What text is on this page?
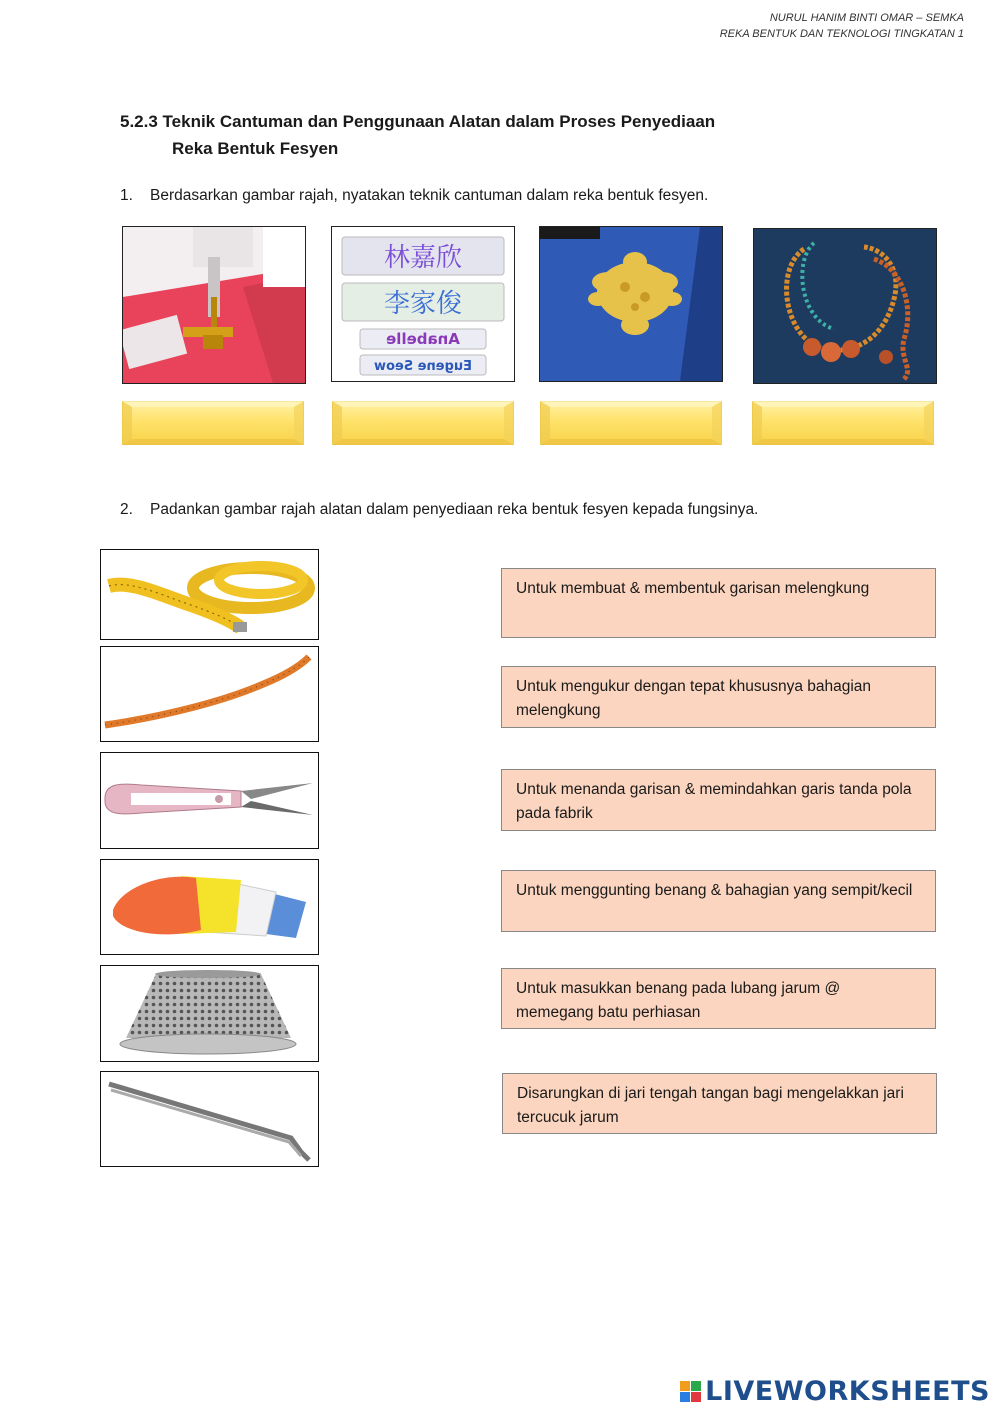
NURUL HANIM BINTI OMAR – SEMKA
REKA BENTUK DAN TEKNOLOGI TINGKATAN 1
5.2.3 Teknik Cantuman dan Penggunaan Alatan dalam Proses Penyediaan
Reka Bentuk Fesyen
1. Berdasarkan gambar rajah, nyatakan teknik cantuman dalam reka bentuk fesyen.
林嘉欣
李家俊
Anabelle
Eugene Seow
2. Padankan gambar rajah alatan dalam penyediaan reka bentuk fesyen kepada fungsinya.
Untuk membuat & membentuk garisan melengkung
Untuk mengukur dengan tepat khususnya bahagian melengkung
Untuk menanda garisan & memindahkan garis tanda pola pada fabrik
Untuk menggunting benang & bahagian yang sempit/kecil
Untuk masukkan benang pada lubang jarum @ memegang batu perhiasan
Disarungkan di jari tengah tangan bagi mengelakkan jari tercucuk jarum
LIVEWORKSHEETS
